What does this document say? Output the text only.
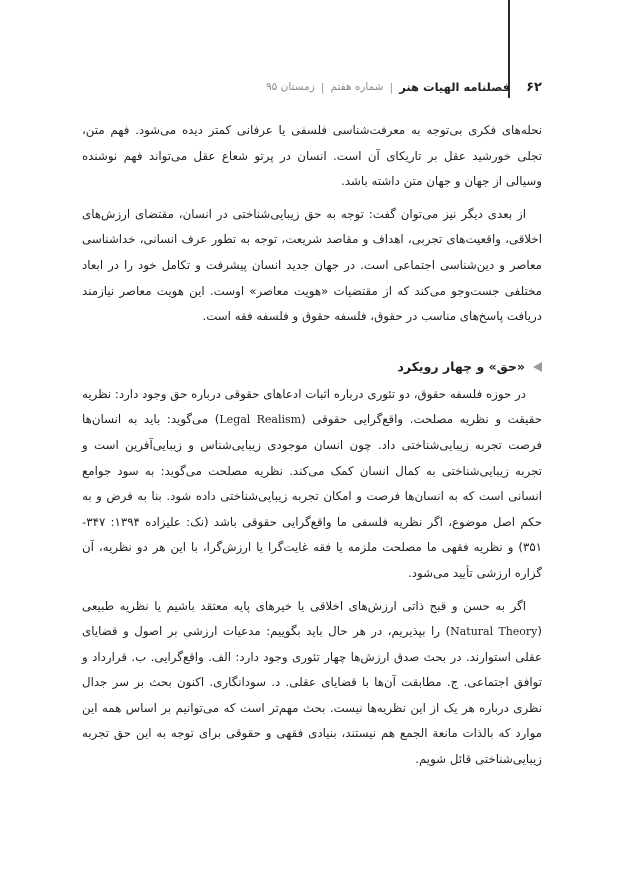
۶۲
فصلنامه الهیات هنر
|
شماره هفتم
|
زمستان ۹۵

نحله‌های فکری بی‌توجه به معرفت‌شناسی فلسفی یا عرفانی کمتر دیده می‌شود. فهم متن، تجلی خورشید عقل بر تاریکای آن است. انسان در پرتو شعاع عقل می‌تواند فهم نوشنده وسیالی از جهان و جهان متن داشته باشد.

از بعدی دیگر نیز می‌توان گفت: توجه به حق زیبایی‌شناختی در انسان، مقتضای ارزش‌های اخلاقی، واقعیت‌های تجربی، اهداف و مقاصد شریعت، توجه به تطور عرف انسانی، خداشناسی معاصر و دین‌شناسی اجتماعی است. در جهان جدید انسان پیشرفت و تکامل خود را در ابعاد مختلفی جست‌وجو می‌کند که از مقتضیات «هویت معاصر» اوست. این هویت معاصر نیازمند دریافت پاسخ‌های مناسب در حقوق، فلسفه حقوق و فلسفه فقه است.

«حق» و چهار رویکرد

در حوزه فلسفه حقوق، دو تئوری درباره اثبات ادعاهای حقوقی درباره حق وجود دارد: نظریه حقیقت و نظریه مصلحت. واقع‌گرایی حقوقی (Legal Realism) می‌گوید: باید به انسان‌ها فرصت تجربه زیبایی‌شناختی داد. چون انسان موجودی زیبایی‌شناس و زیبایی‌آفرین است و تجربه زیبایی‌شناختی به کمال انسان کمک می‌کند. نظریه مصلحت می‌گوید: به سود جوامع انسانی است که به انسان‌ها فرصت و امکان تجربه زیبایی‌شناختی داده شود. بنا به فرض و به حکم اصل موضوع، اگر نظریه فلسفی ما واقع‌گرایی حقوقی باشد (نک: علیزاده ۱۳۹۴: ۳۴۷- ۳۵۱) و نظریه فقهی ما مصلحت ملزمه یا فقه غایت‌گرا یا ارزش‌گرا، با این هر دو نظریه، آن گزاره ارزشی تأیید می‌شود.

اگر به حسن و قبح ذاتی ارزش‌های اخلاقی یا خیرهای پایه معتقد باشیم یا نظریه طبیعی (Natural Theory) را بپذیریم، در هر حال باید بگوییم: مدعیات ارزشی بر اصول و قضایای عقلی استوارند. در بحث صدق ارزش‌ها چهار تئوری وجود دارد: الف. واقع‌گرایی. ب. قرارداد و توافق اجتماعی. ج. مطابقت آن‌ها با قضایای عقلی. د. سودانگاری. اکنون بحث بر سر جدال نظری درباره هر یک از این نظریه‌ها نیست. بحث مهم‌تر است که می‌توانیم بر اساس همه این موارد که بالذات مانعة الجمع هم نیستند، بنیادی فقهی و حقوقی برای توجه به این حق تجربه زیبایی‌شناختی قائل شویم.
